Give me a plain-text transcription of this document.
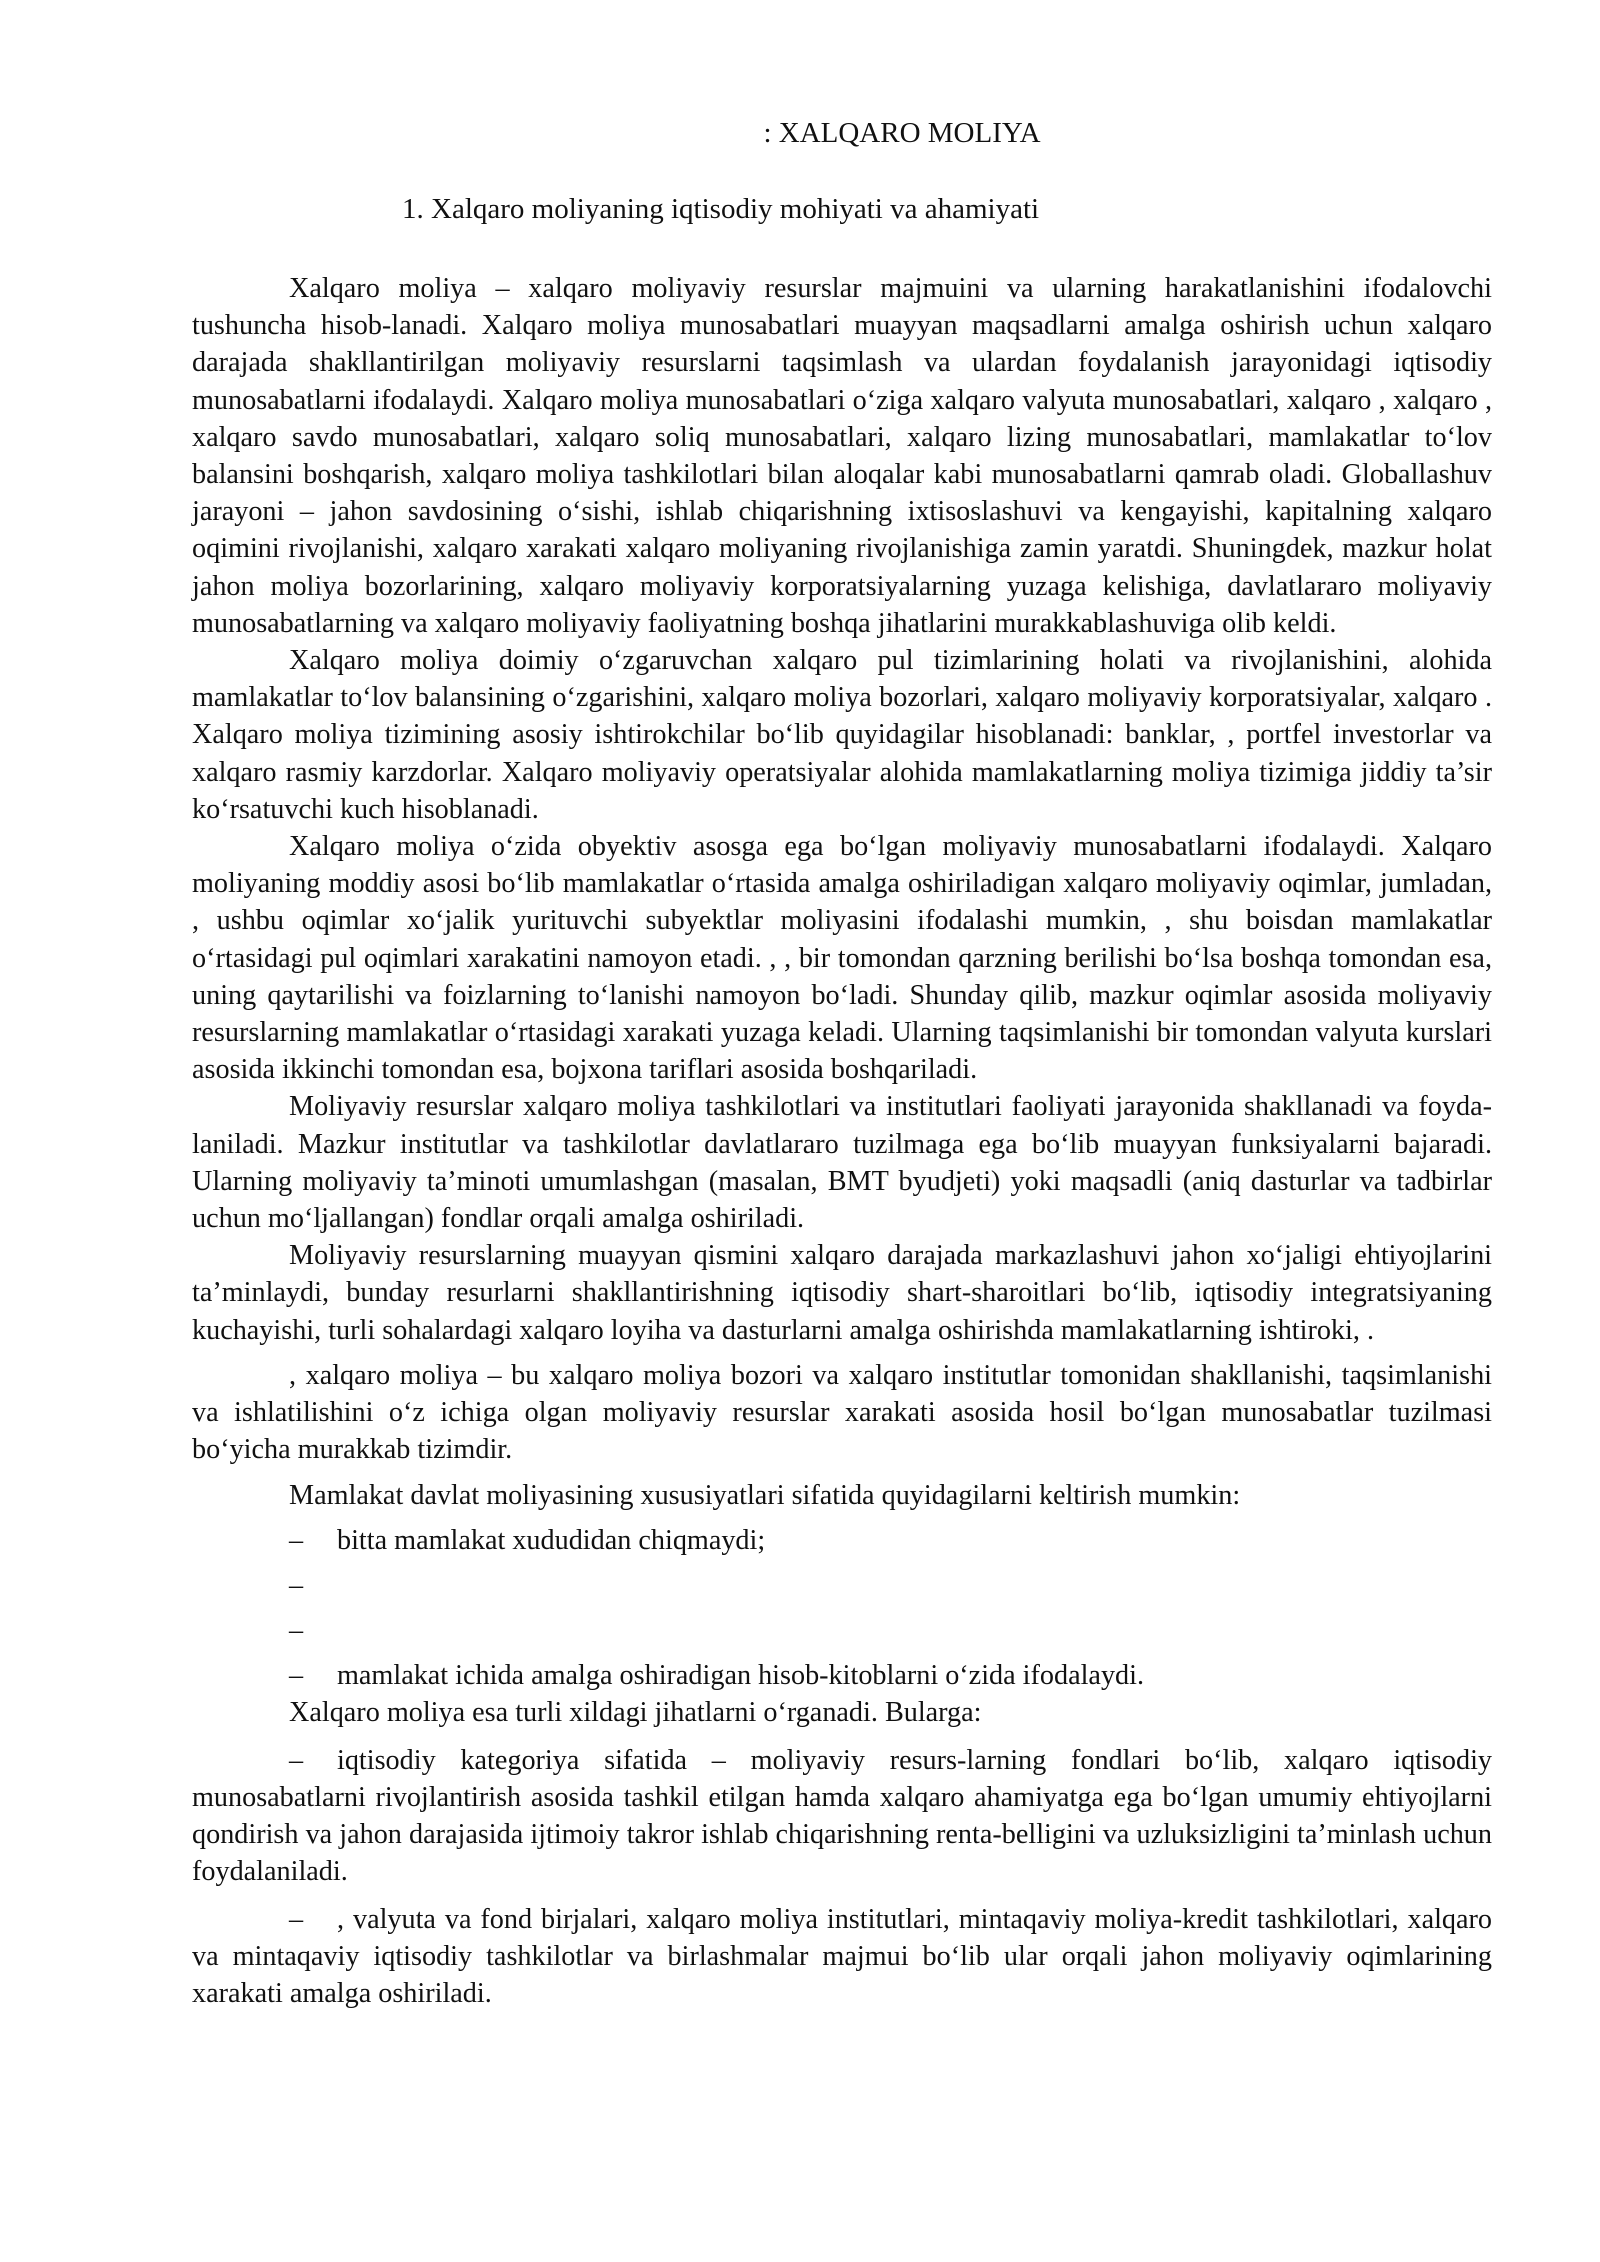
: XALQARO MOLIYA
1. Xalqaro moliyaning iqtisodiy mohiyati va ahamiyati

Xalqaro moliya – xalqaro moliyaviy resurslar majmuini va ularning harakatlanishini ifodalovchi tushuncha hisob-lanadi. Xalqaro moliya munosabatlari muayyan maqsadlarni amalga oshirish uchun xalqaro darajada shakllantirilgan moliyaviy resurslarni taqsimlash va ulardan foydalanish jarayonidagi iqtisodiy munosabatlarni ifodalaydi. Xalqaro moliya munosabatlari o‘ziga xalqaro valyuta munosabatlari, xalqaro , xalqaro , xalqaro savdo munosabatlari, xalqaro soliq munosabatlari, xalqaro lizing munosabatlari, mamlakatlar to‘lov balansini boshqarish, xalqaro moliya tashkilotlari bilan aloqalar kabi munosabatlarni qamrab oladi. Globallashuv jarayoni – jahon savdosining o‘sishi, ishlab chiqarishning ixtisoslashuvi va kengayishi, kapitalning xalqaro oqimini rivojlanishi, xalqaro xarakati xalqaro moliyaning rivojlanishiga zamin yaratdi. Shuningdek, mazkur holat jahon moliya bozorlarining, xalqaro moliyaviy korporatsiyalarning yuzaga kelishiga, davlatlararo moliyaviy munosabatlarning va xalqaro moliyaviy faoliyatning boshqa jihatlarini murakkablashuviga olib keldi.

Xalqaro moliya doimiy o‘zgaruvchan xalqaro pul tizimlarining holati va rivojlanishini, alohida mamlakatlar to‘lov balansining o‘zgarishini, xalqaro moliya bozorlari, xalqaro moliyaviy korporatsiyalar, xalqaro . Xalqaro moliya tizimining asosiy ishtirokchilar bo‘lib quyidagilar hisoblanadi: banklar, , portfel investorlar va xalqaro rasmiy karzdorlar. Xalqaro moliyaviy operatsiyalar alohida mamlakatlarning moliya tizimiga jiddiy ta’sir ko‘rsatuvchi kuch hisoblanadi.

Xalqaro moliya o‘zida obyektiv asosga ega bo‘lgan moliyaviy munosabatlarni ifodalaydi. Xalqaro moliyaning moddiy asosi bo‘lib mamlakatlar o‘rtasida amalga oshiriladigan xalqaro moliyaviy oqimlar, jumladan, , ushbu oqimlar xo‘jalik yurituvchi subyektlar moliyasini ifodalashi mumkin, , shu boisdan mamlakatlar o‘rtasidagi pul oqimlari xarakatini namoyon etadi. , , bir tomondan qarzning berilishi bo‘lsa boshqa tomondan esa, uning qaytarilishi va foizlarning to‘lanishi namoyon bo‘ladi. Shunday qilib, mazkur oqimlar asosida moliyaviy resurslarning mamlakatlar o‘rtasidagi xarakati yuzaga keladi. Ularning taqsimlanishi bir tomondan valyuta kurslari asosida ikkinchi tomondan esa, bojxona tariflari asosida boshqariladi.

Moliyaviy resurslar xalqaro moliya tashkilotlari va institutlari faoliyati jarayonida shakllanadi va foyda-laniladi. Mazkur institutlar va tashkilotlar davlatlararo tuzilmaga ega bo‘lib muayyan funksiyalarni bajaradi. Ularning moliyaviy ta’minoti umumlashgan (masalan, BMT byudjeti) yoki maqsadli (aniq dasturlar va tadbirlar uchun mo‘ljallangan) fondlar orqali amalga oshiriladi.

Moliyaviy resurslarning muayyan qismini xalqaro darajada markazlashuvi jahon xo‘jaligi ehtiyojlarini ta’minlaydi, bunday resurlarni shakllantirishning iqtisodiy shart-sharoitlari bo‘lib, iqtisodiy integratsiyaning kuchayishi, turli sohalardagi xalqaro loyiha va dasturlarni amalga oshirishda mamlakatlarning ishtiroki, .

, xalqaro moliya – bu xalqaro moliya bozori va xalqaro institutlar tomonidan shakllanishi, taqsimlanishi va ishlatilishini o‘z ichiga olgan moliyaviy resurslar xarakati asosida hosil bo‘lgan munosabatlar tuzilmasi bo‘yicha murakkab tizimdir.

Mamlakat davlat moliyasining xususiyatlari sifatida quyidagilarni keltirish mumkin:

– bitta mamlakat xududidan chiqmaydi;
–
–
– mamlakat ichida amalga oshiradigan hisob-kitoblarni o‘zida ifodalaydi.

Xalqaro moliya esa turli xildagi jihatlarni o‘rganadi. Bulargа:

– iqtisodiy kategoriya sifatida – moliyaviy resurs-larning fondlari bo‘lib, xalqaro iqtisodiy munosabatlarni rivojlantirish asosida tashkil etilgan hamda xalqaro ahamiyatga ega bo‘lgan umumiy ehtiyojlarni qondirish va jahon darajasida ijtimoiy takror ishlab chiqarishning renta-belligini va uzluksizligini ta’minlash uchun foydalaniladi.

– , valyuta va fond birjalari, xalqaro moliya institutlari, mintaqaviy moliya-kredit tashkilotlari, xalqaro va mintaqaviy iqtisodiy tashkilotlar va birlashmalar majmui bo‘lib ular orqali jahon moliyaviy oqimlarining xarakati amalga oshiriladi.
